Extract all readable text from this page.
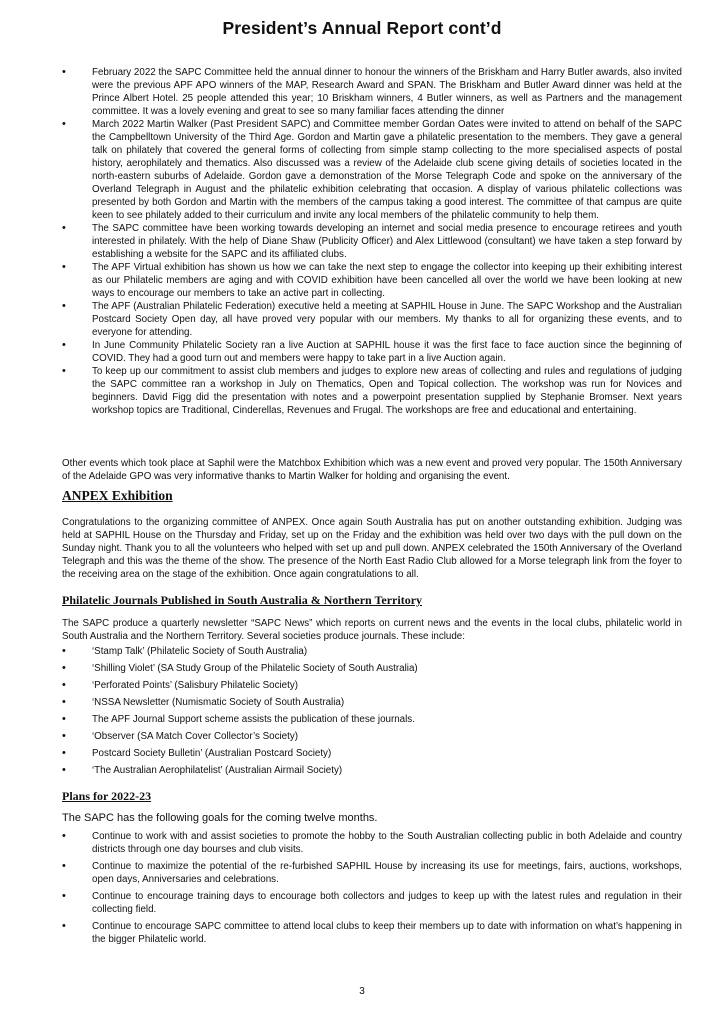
President’s Annual Report cont’d
•	February 2022 the SAPC Committee held the annual dinner to honour the winners of the Briskham and Harry Butler awards, also invited were the previous APF APO winners of the MAP, Research Award and SPAN. The Briskham and Butler Award dinner was held at the Prince Albert Hotel. 25 people attended this year; 10 Briskham winners, 4 Butler winners, as well as Partners and the management committee. It was a lovely evening and great to see so many familiar faces attending the dinner
•	March 2022 Martin Walker (Past President SAPC) and Committee member Gordan Oates were invited to attend on behalf of the SAPC the Campbelltown University of the Third Age. Gordon and Martin gave a philatelic presentation to the members. They gave a general talk on philately that covered the general forms of collecting from simple stamp collecting to the more specialised aspects of postal history, aerophilately and thematics. Also discussed was a review of the Adelaide club scene giving details of societies located in the north-eastern suburbs of Adelaide. Gordon gave a demonstration of the Morse Telegraph Code and spoke on the anniversary of the Overland Telegraph in August and the philatelic exhibition celebrating that occasion. A display of various philatelic collections was presented by both Gordon and Martin with the members of the campus taking a good interest. The committee of that campus are quite keen to see philately added to their curriculum and invite any local members of the philatelic community to help them.
•	The SAPC committee have been working towards developing an internet and social media presence to encourage retirees and youth interested in philately. With the help of Diane Shaw (Publicity Officer) and Alex Littlewood (consultant) we have taken a step forward by establishing a website for the SAPC and its affiliated clubs.
•	The APF Virtual exhibition has shown us how we can take the next step to engage the collector into keeping up their exhibiting interest as our Philatelic members are aging and with COVID exhibition have been cancelled all over the world we have been looking at new ways to encourage our members to take an active part in collecting.
•	The APF (Australian Philatelic Federation) executive held a meeting at SAPHIL House in June. The SAPC Workshop and the Australian Postcard Society Open day, all have proved very popular with our members. My thanks to all for organizing these events, and to everyone for attending.
•	In June Community Philatelic Society ran a live Auction at SAPHIL house it was the first face to face auction since the beginning of COVID. They had a good turn out and members were happy to take part in a live Auction again.
•	To keep up our commitment to assist club members and judges to explore new areas of collecting and rules and regulations of judging the SAPC committee ran a workshop in July on Thematics, Open and Topical collection. The workshop was run for Novices and beginners. David Figg did the presentation with notes and a powerpoint presentation supplied by Stephanie Bromser. Next years workshop topics are Traditional, Cinderellas, Revenues and Frugal. The workshops are free and educational and entertaining.

Other events which took place at Saphil were the Matchbox Exhibition which was a new event and proved very popular. The 150th Anniversary of the Adelaide GPO was very informative thanks to Martin Walker for holding and organising the event.

ANPEX Exhibition

Congratulations to the organizing committee of ANPEX. Once again South Australia has put on another outstanding exhibition. Judging was held at SAPHIL House on the Thursday and Friday, set up on the Friday and the exhibition was held over two days with the pull down on the Sunday night. Thank you to all the volunteers who helped with set up and pull down. ANPEX celebrated the 150th Anniversary of the Overland Telegraph and this was the theme of the show. The presence of the North East Radio Club allowed for a Morse telegraph link from the foyer to the receiving area on the stage of the exhibition. Once again congratulations to all.

Philatelic Journals Published in South Australia & Northern Territory

The SAPC produce a quarterly newsletter “SAPC News” which reports on current news and the events in the local clubs, philatelic world in South Australia and the Northern Territory. Several societies produce journals. These include:

•	‘Stamp Talk’ (Philatelic Society of South Australia)
•	‘Shilling Violet’ (SA Study Group of the Philatelic Society of South Australia)
•	‘Perforated Points’ (Salisbury Philatelic Society)
•	‘NSSA Newsletter (Numismatic Society of South Australia)
•	The APF Journal Support scheme assists the publication of these journals.
•	‘Observer (SA Match Cover Collector’s Society)
•	Postcard Society Bulletin’ (Australian Postcard Society)
•	‘The Australian Aerophilatelist’ (Australian Airmail Society)
Plans for 2022-23

The SAPC has the following goals for the coming twelve months.

•	Continue to work with and assist societies to promote the hobby to the South Australian collecting public in both Adelaide and country districts through one day bourses and club visits.
•	Continue to maximize the potential of the re-furbished SAPHIL House by increasing its use for meetings, fairs, auctions, workshops, open days, Anniversaries and celebrations.
•	Continue to encourage training days to encourage both collectors and judges to keep up with the latest rules and regulation in their collecting field.
•	Continue to encourage SAPC committee to attend local clubs to keep their members up to date with information on what’s happening in the bigger Philatelic world.
3
